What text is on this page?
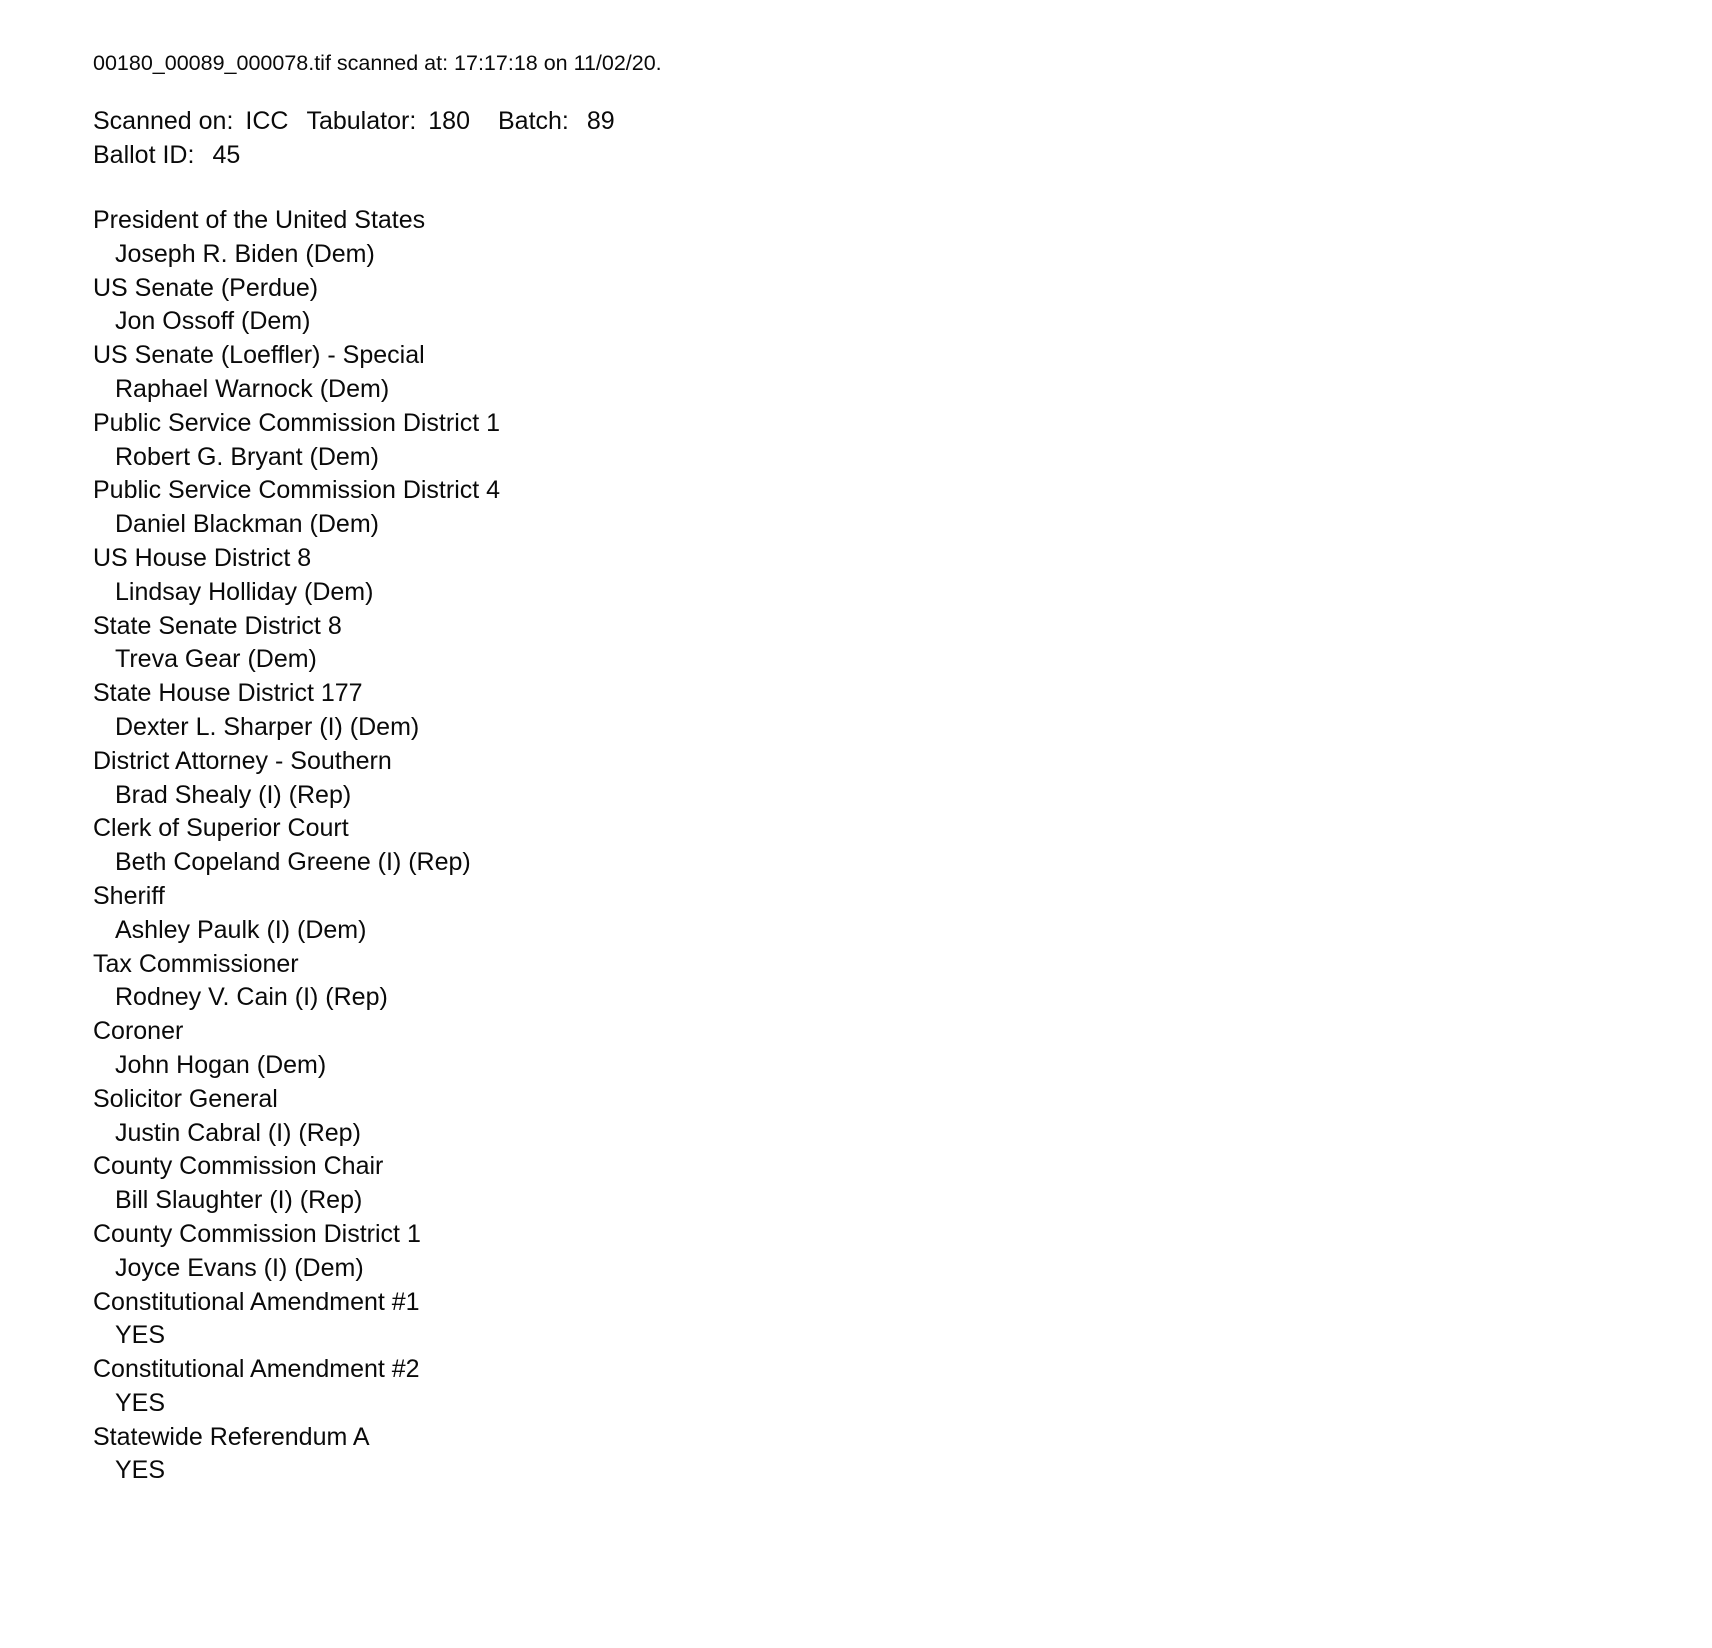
00180_00089_000078.tif scanned at: 17:17:18 on 11/02/20.
Scanned on: ICC Tabulator: 180 Batch: 89
Ballot ID: 45
President of the United States
Joseph R. Biden (Dem)
US Senate (Perdue)
Jon Ossoff (Dem)
US Senate (Loeffler) - Special
Raphael Warnock (Dem)
Public Service Commission District 1
Robert G. Bryant (Dem)
Public Service Commission District 4
Daniel Blackman (Dem)
US House District 8
Lindsay Holliday (Dem)
State Senate District 8
Treva Gear (Dem)
State House District 177
Dexter L. Sharper (I) (Dem)
District Attorney - Southern
Brad Shealy (I) (Rep)
Clerk of Superior Court
Beth Copeland Greene (I) (Rep)
Sheriff
Ashley Paulk (I) (Dem)
Tax Commissioner
Rodney V. Cain (I) (Rep)
Coroner
John Hogan (Dem)
Solicitor General
Justin Cabral (I) (Rep)
County Commission Chair
Bill Slaughter (I) (Rep)
County Commission District 1
Joyce Evans (I) (Dem)
Constitutional Amendment #1
YES
Constitutional Amendment #2
YES
Statewide Referendum A
YES
